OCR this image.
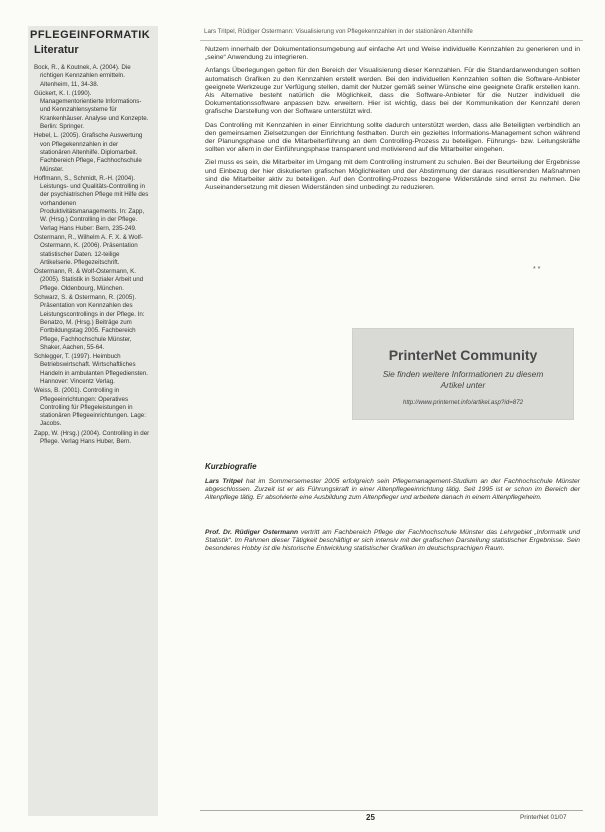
PFLEGEINFORMATIK	Lars Tritpel, Rüdiger Ostermann: Visualisierung von Pflegekennzahlen in der stationären Altenhilfe
Literatur
Bock, R., & Koutnek, A. (2004). Die richtigen Kennzahlen ermitteln. Altenheim, 11, 34-38.
Gückert, K. I. (1990). Managementorientierte Informations- und Kennzahlensysteme für Krankenhäuser. Analyse und Konzepte. Berlin: Springer.
Hebel, L. (2005). Grafische Auswertung von Pflegekennzahlen in der stationären Altenhilfe. Diplomarbeit. Fachbereich Pflege, Fachhochschule Münster.
Hoffmann, S., Schmidt, R.-H. (2004). Leistungs- und Qualitäts-Controlling in der psychiatrischen Pflege mit Hilfe des vorhandenen Produktivitätsmanagements. In: Zapp, W. (Hrsg.) Controlling in der Pflege. Verlag Hans Huber: Bern, 235-249.
Ostermann, R., Wilhelm A. F. X. & Wolf-Ostermann, K. (2006). Präsentation statistischer Daten. 12-teilige Artikelserie. Pflegezeitschrift.
Ostermann, R. & Wolf-Ostermann, K. (2005). Statistik in Sozialer Arbeit und Pflege. Oldenbourg, München.
Schwarz, S. & Ostermann, R. (2005). Präsentation von Kennzahlen des Leistungscontrollings in der Pflege. In: Benatzo, M. (Hrsg.) Beiträge zum Fortbildungstag 2005. Fachbereich Pflege, Fachhochschule Münster, Shaker, Aachen, 55-64.
Schlegger, T. (1997). Heimbuch Betriebswirtschaft. Wirtschaftliches Handeln in ambulanten Pflegediensten. Hannover: Vincentz Verlag.
Weiss, B. (2001). Controlling in Pflegeeinrichtungen: Operatives Controlling für Pflegeleistungen in stationären Pflegeeinrichtungen. Lage: Jacobs.
Zapp, W. (Hrsg.) (2004). Controlling in der Pflege. Verlag Hans Huber, Bern.

Nutzern innerhalb der Dokumentationsumgebung auf einfache Art und Weise individuelle Kennzahlen zu generieren und in „seine“ Anwendung zu integrieren.

Anfangs Überlegungen gelten für den Bereich der Visualisierung dieser Kennzahlen. Für die Standardanwendungen sollten automatisch Grafiken zu den Kennzahlen erstellt werden. Bei den individuellen Kennzahlen sollten die Software-Anbieter geeignete Werkzeuge zur Verfügung stellen, damit der Nutzer gemäß seiner Wünsche eine geeignete Grafik erstellen kann. Als Alternative besteht natürlich die Möglichkeit, dass die Software-Anbieter für die Nutzer individuell die Dokumentationssoftware anpassen bzw. erweitern. Hier ist wichtig, dass bei der Kommunikation der Kennzahl deren grafische Darstellung von der Software unterstützt wird.

Das Controlling mit Kennzahlen in einer Einrichtung sollte dadurch unterstützt werden, dass alle Beteiligten verbindlich an den gemeinsamen Zielsetzungen der Einrichtung festhalten. Durch ein gezieltes Informations-Management schon während der Planungsphase und die Mitarbeiterführung an dem Controlling-Prozess zu beteiligen. Führungs- bzw. Leitungskräfte sollten vor allem in der Einführungsphase transparent und motivierend auf die Mitarbeiter eingehen.

Ziel muss es sein, die Mitarbeiter im Umgang mit dem Controlling instrument zu schulen. Bei der Beurteilung der Ergebnisse und Einbezug der hier diskutierten grafischen Möglichkeiten und der Abstimmung der daraus resultierenden Maßnahmen sind die Mitarbeiter aktiv zu beteiligen. Auf den Controlling-Prozess bezogene Widerstände sind ernst zu nehmen. Die Auseinandersetzung mit diesen Widerständen sind unbedingt zu reduzieren.

* *
PrinterNet Community
Sie finden weitere Informationen zu diesem Artikel unter
http://www.printernet.info/artikel.asp?id=872
Kurzbiografie
Lars Tritpel hat im Sommersemester 2005 erfolgreich sein Pflegemanagement-Studium an der Fachhochschule Münster abgeschlossen. Zurzeit ist er als Führungskraft in einer Altenpflegeeinrichtung tätig. Seit 1995 ist er schon im Bereich der Altenpflege tätig. Er absolvierte eine Ausbildung zum Altenpfleger und arbeitete danach in einem Altenpflegeheim.
Prof. Dr. Rüdiger Ostermann vertritt am Fachbereich Pflege der Fachhochschule Münster das Lehrgebiet „Informatik und Statistik“. Im Rahmen dieser Tätigkeit beschäftigt er sich intensiv mit der grafischen Darstellung statistischer Ergebnisse. Sein besonderes Hobby ist die historische Entwicklung statistischer Grafiken im deutschsprachigen Raum.
25	PrinterNet 01/07
